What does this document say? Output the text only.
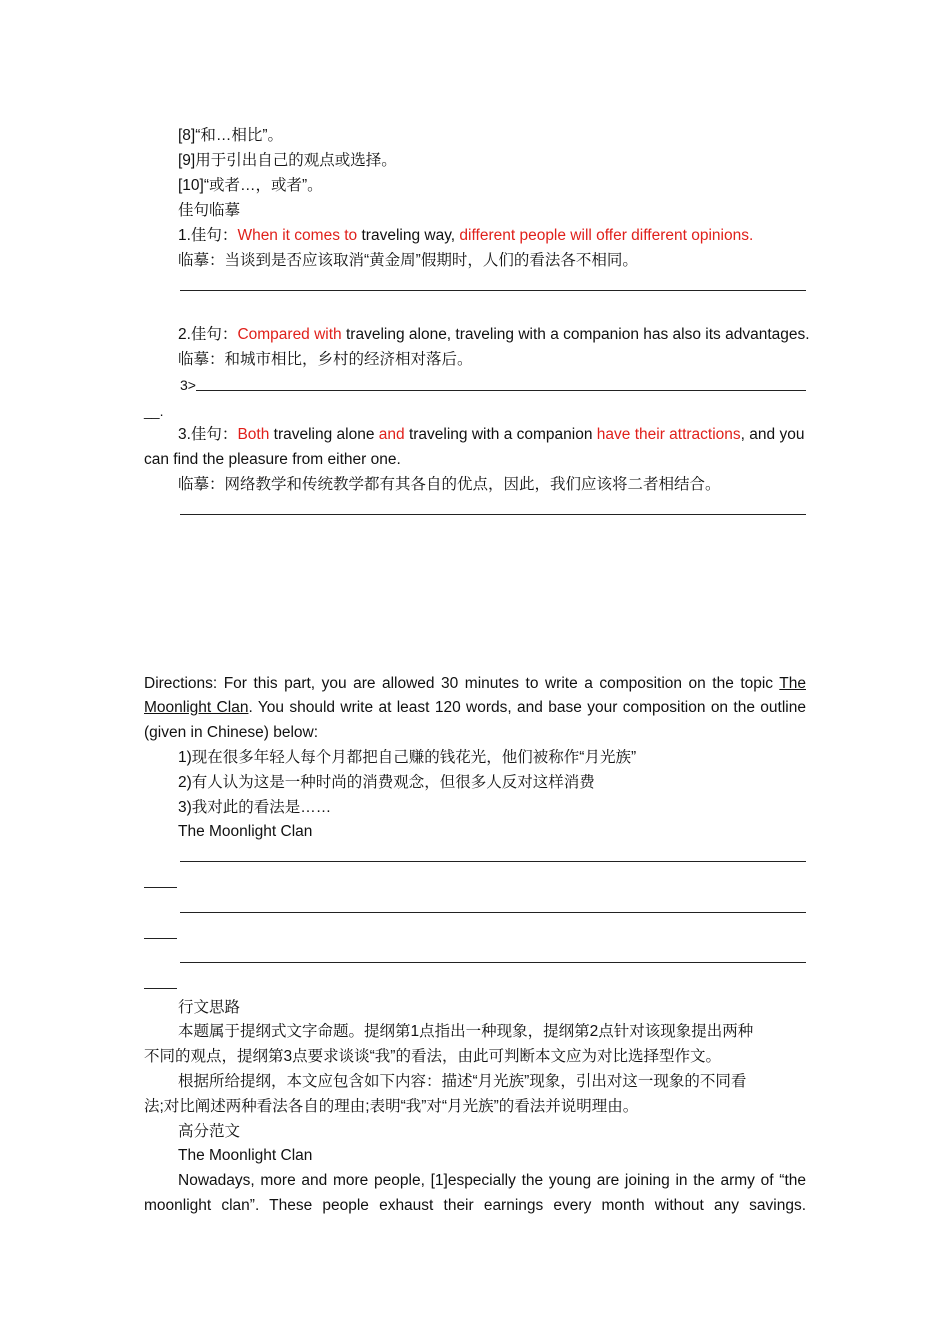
[8]“和…相比”。
[9]用于引出自己的观点或选择。
[10]“或者…，或者”。
佳句临摹
1.佳句：When it comes to traveling way, different people will offer different opinions.
临摹：当谈到是否应该取消“黄金周”假期时，人们的看法各不相同。
2.佳句：Compared with traveling alone, traveling with a companion has also its advantages.
临摹：和城市相比，乡村的经济相对落后。
3>
__.
3.佳句：Both traveling alone and traveling with a companion have their attractions, and you
can find the pleasure from either one.
临摹：网络教学和传统教学都有其各自的优点，因此，我们应该将二者相结合。
Directions: For this part, you are allowed 30 minutes to write a composition on the topic The
Moonlight Clan. You should write at least 120 words, and base your composition on the outline
(given in Chinese) below:
1)现在很多年轻人每个月都把自己赚的钱花光，他们被称作“月光族”
2)有人认为这是一种时尚的消费观念，但很多人反对这样消费
3)我对此的看法是……
The Moonlight Clan
行文思路
本题属于提纲式文字命题。提纲第1点指出一种现象，提纲第2点针对该现象提出两种
不同的观点，提纲第3点要求谈谈“我”的看法，由此可判断本文应为对比选择型作文。
根据所给提纲，本文应包含如下内容：描述“月光族”现象，引出对这一现象的不同看
法;对比阐述两种看法各自的理由;表明“我”对“月光族”的看法并说明理由。
高分范文
The Moonlight Clan
Nowadays, more and more people, [1]especially the young are joining in the army of “the
moonlight clan”. These people exhaust their earnings every month without any savings.
